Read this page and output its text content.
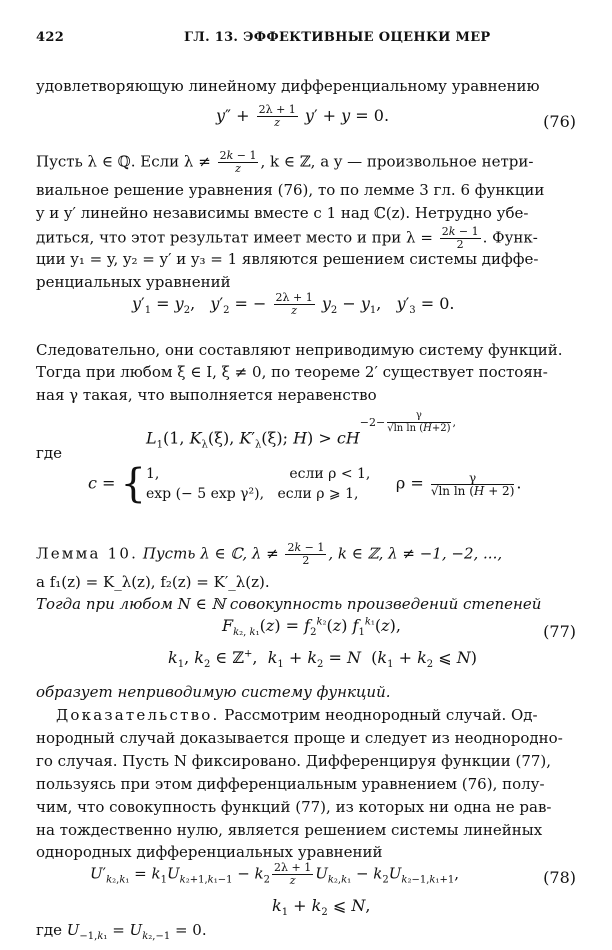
422	ГЛ. 13. ЭФФЕКТИВНЫЕ ОЦЕНКИ МЕР
удовлетворяющую линейному дифференциальному уравнению
$y'' + \frac{2\lambda + 1}{z} y' + y = 0$.	(76)
Пусть λ ∈ ℚ. Если $\lambda \ne \frac{2k - 1}{z}$ , k ∈ ℤ, а y — произвольное нетри-
виальное решение уравнения (76), то по лемме 3 гл. 6 функции
y и y′ линейно независимы вместе с 1 над ℂ(z). Нетрудно убе-
диться, что этот результат имеет место и при $\lambda = \frac{2k - 1}{2}$ . Функ-
ции y₁ = y, y₂ = y′ и y₃ = 1 являются решением системы диффе-
ренциальных уравнений
$y'_1 = y_2$,   $y'_2$ = − $\frac{2\lambda + 1}{z} y_2 - y_1$,   $y'_3 = 0$.
Следовательно, они составляют неприводимую систему функций.
Тогда при любом ξ ∈ I, ξ ≠ 0, по теореме 2′ существует постоян-
ная γ такая, что выполняется неравенство
$L_1(1$, $K_\lambda(\xi)$, $K'_\lambda(\xi)$; $H) > cH^{-2- \frac{\gamma}{\text{√ln ln (H+2)}} ,}$
где
c = { 1,	если ρ < 1,
exp (− 5 exp γ²),   если ρ ⩾ 1,
$\rho = \frac{\gamma}{\text{√ln ln (H + 2)}}$ .
Лемма 10. Пусть λ ∈ ℂ, $\lambda \ne \frac{2k - 1}{2}$ , k ∈ ℤ, λ ≠ −1, −2, ...,
а f₁(z) = K_λ(z), f₂(z) = K′_λ(z).
Тогда при любом N ∈ ℕ совокупность произведений степеней
$F_{k_2, k_1}(z) = f_2^{k_2}(z)$ $f_1^{k_1}(z)$,	(77)
$k_1$, $k_2$ ∈ ℤ+,  $k_1 + k_2 = N$  ($k_1 + k_2$ ⩽ N)
образует неприводимую систему функций.
Доказательство. Рассмотрим неоднородный случай. Од-
нородный случай доказывается проще и следует из неоднородно-
го случая. Пусть N фиксировано. Дифференцируя функции (77),
пользуясь при этом дифференциальным уравнением (76), полу-
чим, что совокупность функций (77), из которых ни одна не рав-
на тождественно нулю, является решением системы линейных
однородных дифференциальных уравнений
$U'_{k_2,k_1} = k_1U_{k_2+1,k_1-1} - k_2 \frac{2\lambda + 1}{z} U_{k_2,k_1} - k_2U_{k_2-1,k_1+1}$,	(78)
$k_1 + k_2$ ⩽ N,
где $U_{-1,k_1} = U_{k_2,-1} = 0$.
